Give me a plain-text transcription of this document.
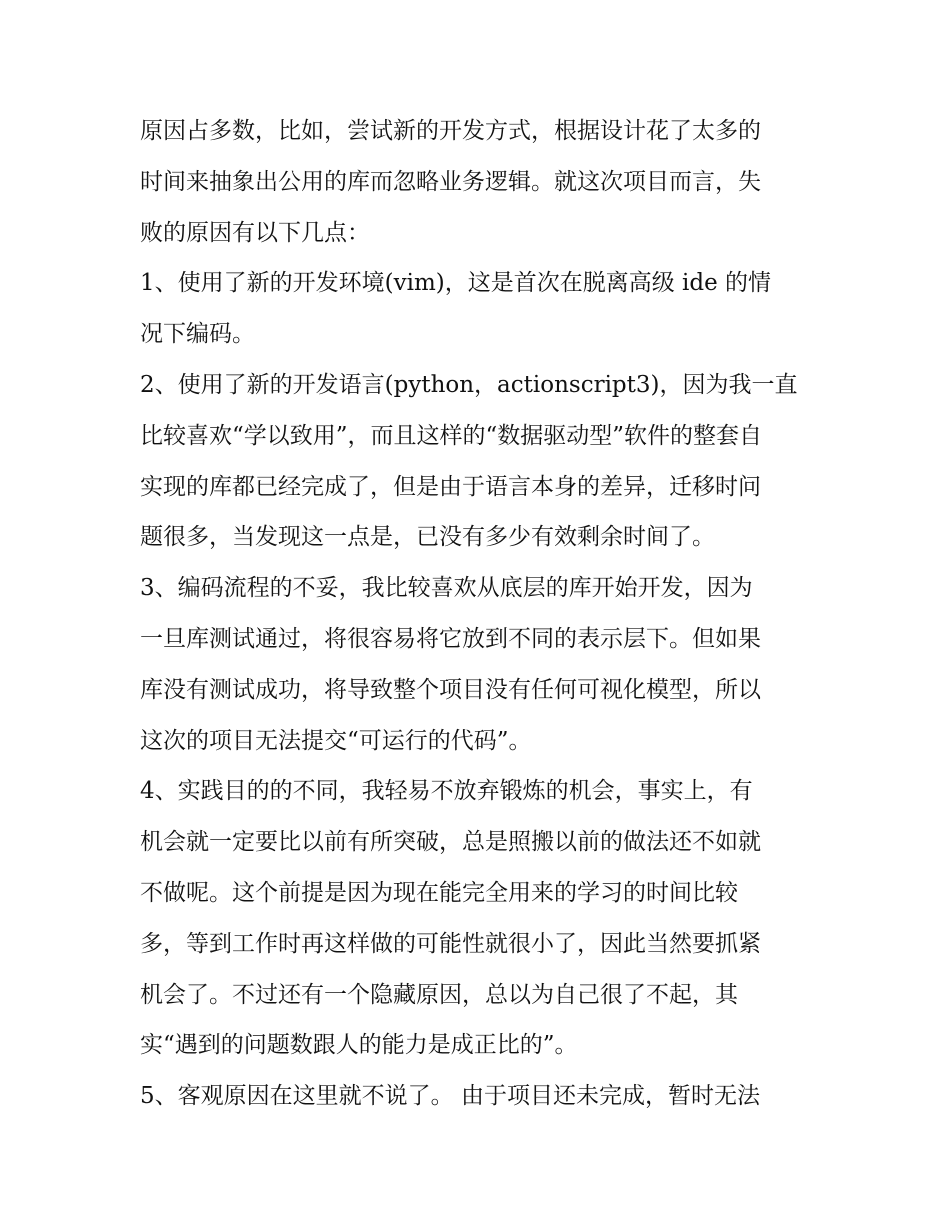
原因占多数，比如，尝试新的开发方式，根据设计花了太多的
时间来抽象出公用的库而忽略业务逻辑。就这次项目而言，失
败的原因有以下几点：
1、使用了新的开发环境(vim)，这是首次在脱离高级 ide 的情
况下编码。
2、使用了新的开发语言(python，actionscript3)，因为我一直
比较喜欢“学以致用”，而且这样的“数据驱动型”软件的整套自
实现的库都已经完成了，但是由于语言本身的差异，迁移时问
题很多，当发现这一点是，已没有多少有效剩余时间了。
3、编码流程的不妥，我比较喜欢从底层的库开始开发，因为
一旦库测试通过，将很容易将它放到不同的表示层下。但如果
库没有测试成功，将导致整个项目没有任何可视化模型，所以
这次的项目无法提交“可运行的代码”。
4、实践目的的不同，我轻易不放弃锻炼的机会，事实上，有
机会就一定要比以前有所突破，总是照搬以前的做法还不如就
不做呢。这个前提是因为现在能完全用来的学习的时间比较
多，等到工作时再这样做的可能性就很小了，因此当然要抓紧
机会了。不过还有一个隐藏原因，总以为自己很了不起，其
实“遇到的问题数跟人的能力是成正比的”。
5、客观原因在这里就不说了。 由于项目还未完成，暂时无法
